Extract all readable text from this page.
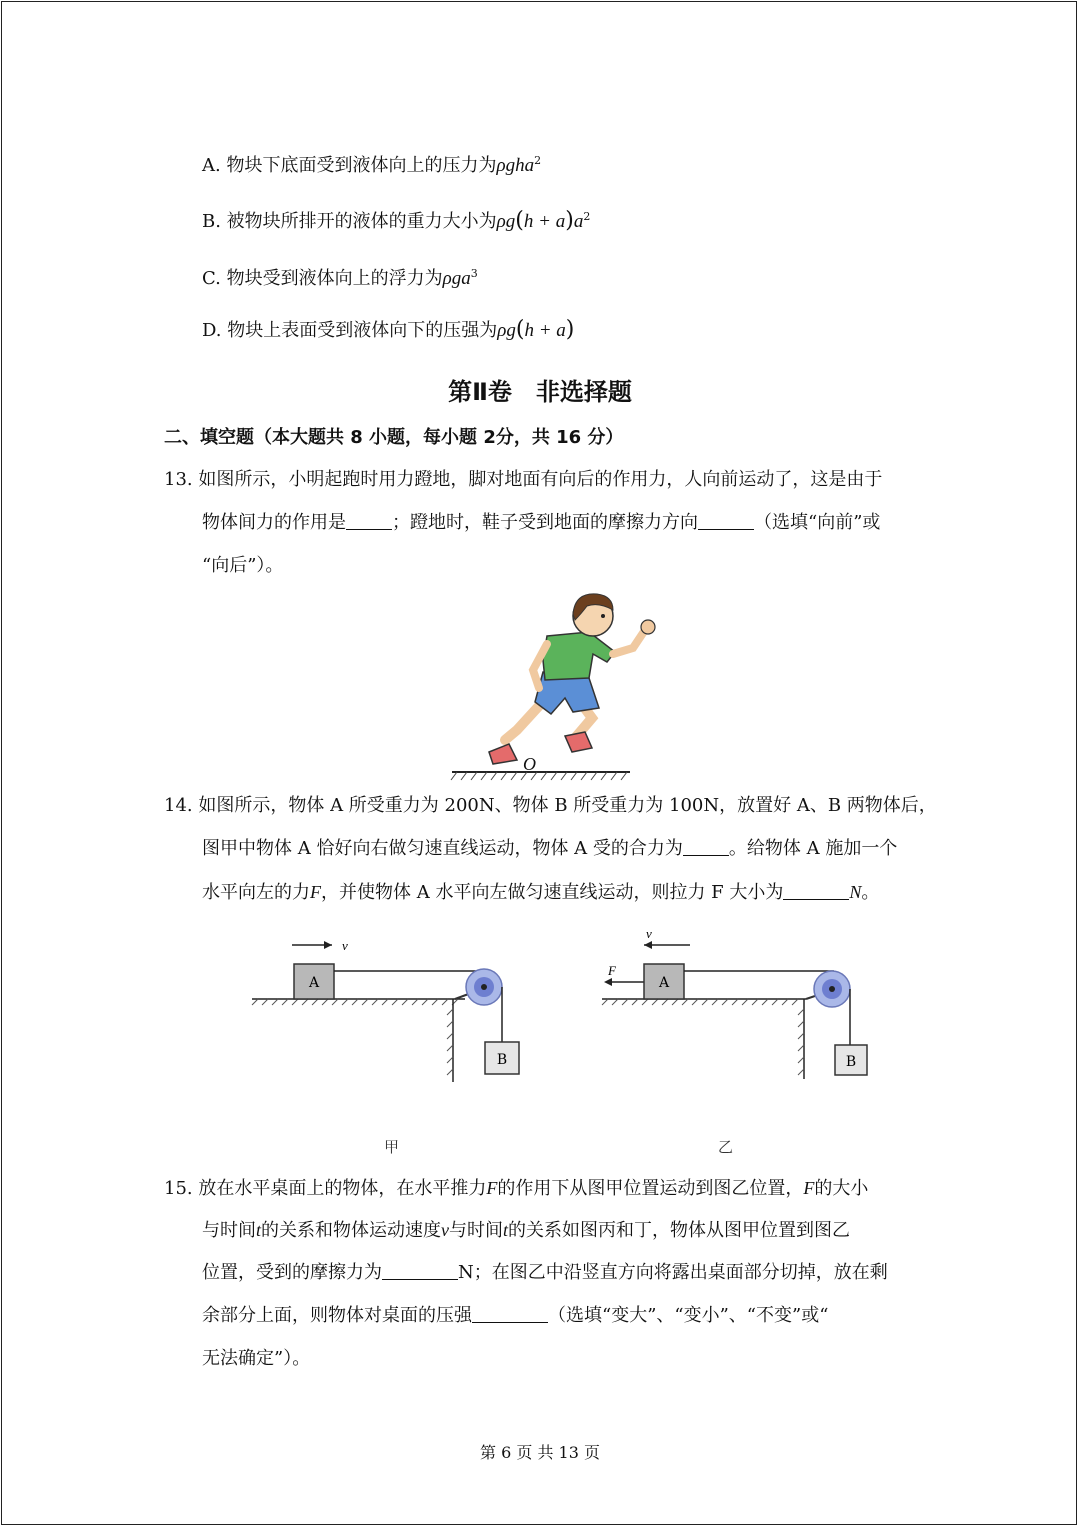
A. 物块下底面受到液体向上的压力为ρgha$^2$
B. 被物块所排开的液体的重力大小为$\rho g(h + a)a^2$
C. 物块受到液体向上的浮力为ρga$^3$
D. 物块上表面受到液体向下的压强为ρg(h + a)
第Ⅱ卷　非选择题
二、填空题（本大题共 8 小题，每小题 2分，共 16 分）
13. 如图所示，小明起跑时用力蹬地，脚对地面有向后的作用力，人向前运动了，这是由于
物体间力的作用是	；蹬地时，鞋子受到地面的摩擦力方向	（选填“向前”或
“向后”）。
O
14. 如图所示，物体 A 所受重力为 200N、物体 B 所受重力为 100N，放置好 A、B 两物体后，
图甲中物体 A 恰好向右做匀速直线运动，物体 A 受的合力为	。给物体 A 施加一个
水平向左的力F，并使物体 A 水平向左做匀速直线运动，则拉力 F 大小为	N。
v
A
B
甲
v
F
A
B
乙
15. 放在水平桌面上的物体，在水平推力F的作用下从图甲位置运动到图乙位置，F的大小
与时间t的关系和物体运动速度v与时间t的关系如图丙和丁，物体从图甲位置到图乙
位置，受到的摩擦力为	N；在图乙中沿竖直方向将露出桌面部分切掉，放在剩
余部分上面，则物体对桌面的压强	（选填“变大”、“变小”、“不变”或“
无法确定”）。
第 6 页 共 13 页
